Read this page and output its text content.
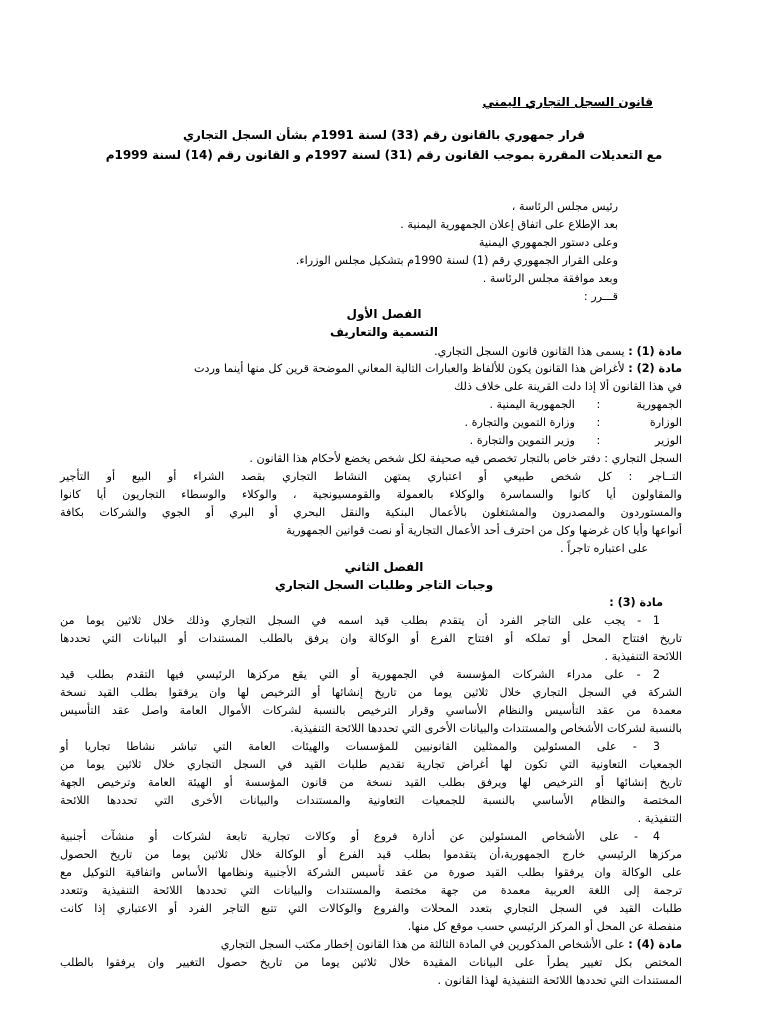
قانون السجل التجاري اليمني
قرار جمهوري بالقانون رقم (33) لسنة 1991م بشأن السجل التجاري
مع التعديلات المقررة بموجب القانون رقم (31) لسنة 1997م و القانون رقم (14) لسنة 1999م
رئيس مجلس الرئاسة ،
بعد الإطلاع على اتفاق إعلان الجمهورية اليمنية .
وعلى دستور الجمهوري اليمنية
وعلى القرار الجمهوري رقم (1) لسنة 1990م بتشكيل مجلس الوزراء.
وبعد موافقة مجلس الرئاسة .
قـــرر :
الفصل الأول
التسمية والتعاريف
مادة (1) : يسمى هذا القانون قانون السجل التجاري.
مادة (2) : لأغراض هذا القانون يكون للألفاظ والعبارات التالية المعاني الموضحة قرين كل منها أينما وردت
في هذا القانون ألا إذا دلت القرينة على خلاف ذلك
الجمهورية : الجمهورية اليمنية .
الوزارة : وزارة التموين والتجارة .
الوزير : وزير التموين والتجارة .
السجل التجاري : دفتر خاص بالتجار تخصص فيه صحيفة لكل شخص يخضع لأحكام هذا القانون .
التــاجر : كل شخص طبيعي أو اعتباري يمتهن النشاط التجاري بقصد الشراء أو البيع أو التأجير
والمقاولون أيا كانوا والسماسرة والوكلاء بالعمولة والقومسيونجية ، والوكلاء والوسطاء التجاريون أيا كانوا
والمستوردون والمصدرون والمشتغلون بالأعمال البنكية والنقل البحري أو البري أو الجوي والشركات بكافة
أنواعها وأيا كان غرضها وكل من احترف أحد الأعمال التجارية أو نصت قوانين الجمهورية
على اعتباره تاجراً .
الفصل الثاني
وجبات التاجر وطلبات السجل التجاري
مادة (3) :
1 - يجب على التاجر الفرد أن يتقدم بطلب قيد اسمه في السجل التجاري وذلك خلال ثلاثين يوما من
تاريخ افتتاح المحل أو تملكه أو افتتاح الفرع أو الوكالة وان يرفق بالطلب المستندات أو البيانات التي تحددها
اللائحة التنفيذية .
2 - على مدراء الشركات المؤسسة في الجمهورية أو التي يقع مركزها الرئيسي فيها التقدم بطلب قيد
الشركة في السجل التجاري خلال ثلاثين يوما من تاريخ إنشائها أو الترخيص لها وان يرفقوا بطلب القيد نسخة
معمدة من عقد التأسيس والنظام الأساسي وقرار الترخيص بالنسبة لشركات الأموال العامة واصل عقد التأسيس
بالنسبة لشركات الأشخاص والمستندات والبيانات الأخرى التي تحددها اللائحة التنفيذية.
3 - على المسئولين والممثلين القانونيين للمؤسسات والهيئات العامة التي تباشر نشاطا تجاريا أو
الجمعيات التعاونية التي تكون لها أغراض تجارية تقديم طلبات القيد في السجل التجاري خلال ثلاثين يوما من
تاريخ إنشائها أو الترخيص لها ويرفق بطلب القيد نسخة من قانون المؤسسة أو الهيئة العامة وترخيص الجهة
المختصة والنظام الأساسي بالنسبة للجمعيات التعاونية والمستندات والبيانات الأخرى التي تحددها اللائحة
التنفيذية .
4 - على الأشخاص المسئولين عن أدارة فروع أو وكالات تجارية تابعة لشركات أو منشآت أجنبية
مركزها الرئيسي خارج الجمهورية،أن يتقدموا بطلب قيد الفرع أو الوكالة خلال ثلاثين يوما من تاريخ الحصول
على الوكالة وان يرفقوا بطلب القيد صورة من عقد تأسيس الشركة الأجنبية ونظامها الأساس واتفاقية التوكيل مع
ترجمة إلى اللغة العربية معمدة من جهة مختصة والمستندات والبيانات التي تحددها اللائحة التنفيذية وتتعدد
طلبات القيد في السجل التجاري بتعدد المحلات والفروع والوكالات التي تتبع التاجر الفرد أو الاعتباري إذا كانت
منفصلة عن المحل أو المركز الرئيسي حسب موقع كل منها.
مادة (4) : على الأشخاص المذكورين في المادة الثالثة من هذا القانون إخطار مكتب السجل التجاري
المختص بكل تغيير يطرأ على البيانات المقيدة خلال ثلاثين يوما من تاريخ حصول التغيير وان يرفقوا بالطلب
المستندات التي تحددها اللائحة التنفيذية لهذا القانون .
